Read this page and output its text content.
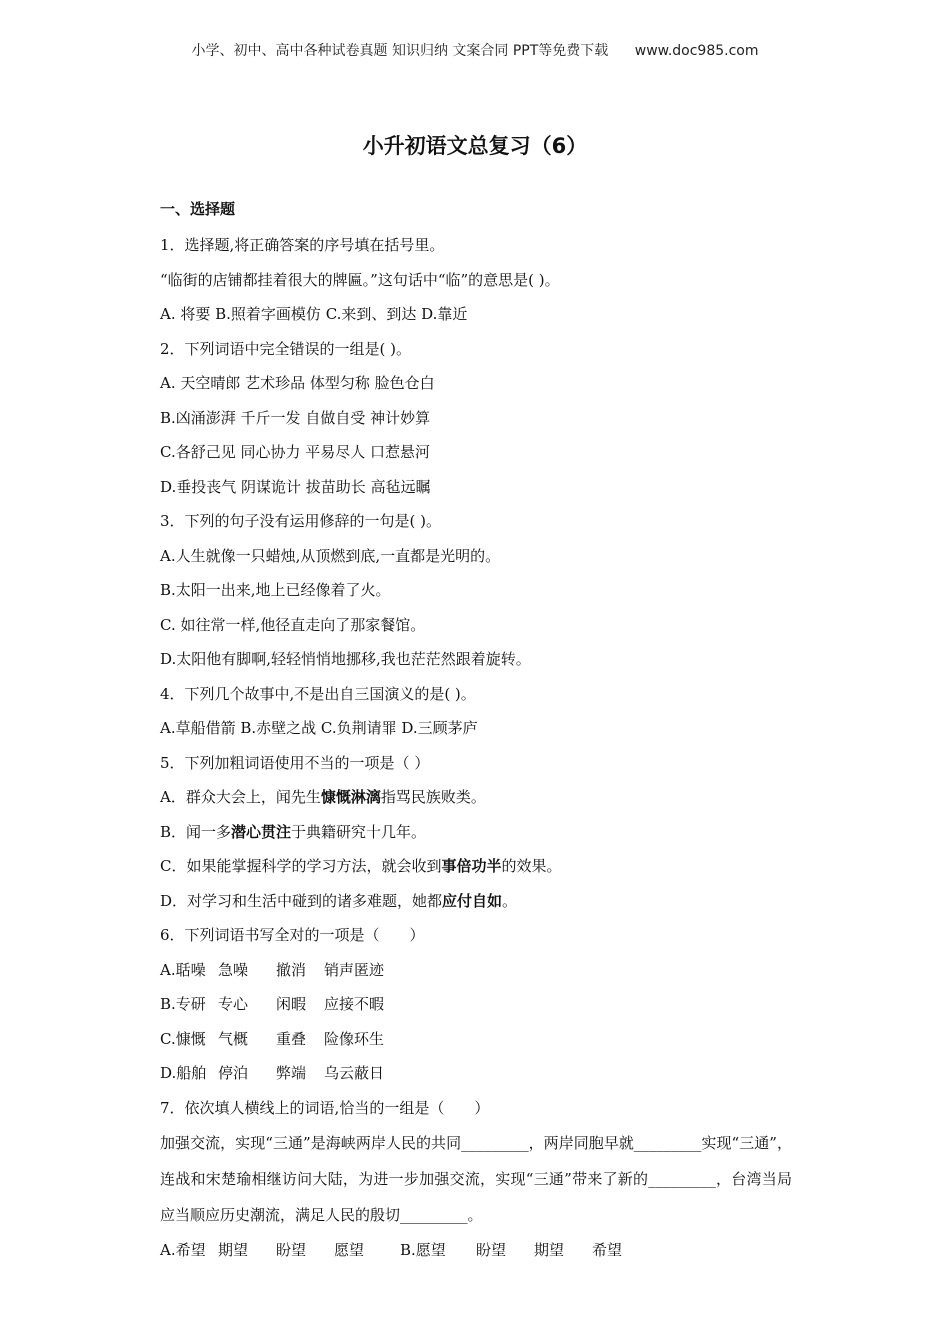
小学、初中、高中各种试卷真题 知识归纳 文案合同 PPT等免费下载 www.doc985.com
小升初语文总复习（6）
一、选择题
1．选择题,将正确答案的序号填在括号里。
“临街的店铺都挂着很大的牌匾。”这句话中“临”的意思是( )。
A. 将要 B.照着字画模仿 C.来到、到达 D.靠近
2．下列词语中完全错误的一组是( )。
A. 天空晴郎 艺术珍品 体型匀称 脸色仓白
B.凶涌澎湃 千斤一发 自做自受 神计妙算
C.各舒己见 同心协力 平易尽人 口惹悬河
D.垂投丧气 阴谋诡计 拔苗助长 高毡远瞩
3．下列的句子没有运用修辞的一句是( )。
A.人生就像一只蜡烛,从顶燃到底,一直都是光明的。
B.太阳一出来,地上已经像着了火。
C. 如往常一样,他径直走向了那家餐馆。
D.太阳他有脚啊,轻轻悄悄地挪移,我也茫茫然跟着旋转。
4．下列几个故事中,不是出自三国演义的是( )。
A.草船借箭 B.赤壁之战 C.负荆请罪 D.三顾茅庐
5．下列加粗词语使用不当的一项是（ ）
A．群众大会上，闻先生慷慨淋漓指骂民族败类。
B．闻一多潜心贯注于典籍研究十几年。
C．如果能掌握科学的学习方法，就会收到事倍功半的效果。
D．对学习和生活中碰到的诸多难题，她都应付自如。
6．下列词语书写全对的一项是（　　）
A.聒噪 急噪 撤消 销声匿迹
B.专研 专心 闲暇 应接不暇
C.慷慨 气概 重叠 险像环生
D.船舶 停泊 弊端 乌云蔽日
7．依次填人横线上的词语,恰当的一组是（　　）
加强交流，实现“三通”是海峡两岸人民的共同_________，两岸同胞早就_________实现“三通”，连战和宋楚瑜相继访问大陆，为进一步加强交流，实现“三通”带来了新的_________，台湾当局应当顺应历史潮流，满足人民的殷切_________。
A.希望 期望 盼望 愿望 B.愿望 盼望 期望 希望
